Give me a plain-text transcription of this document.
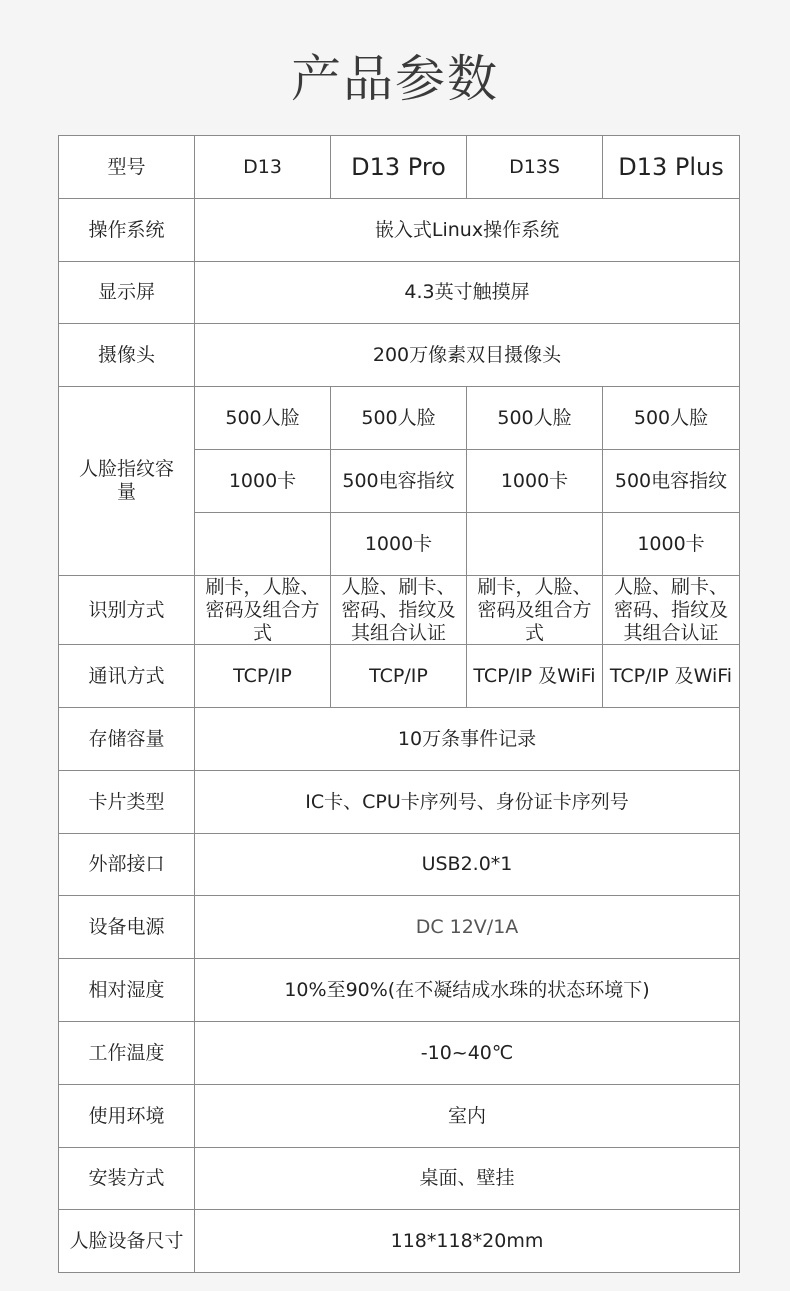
产品参数
型号	D13	D13 Pro	D13S	D13 Plus
操作系统	嵌入式Linux操作系统			
显示屏	4.3英寸触摸屏			
摄像头	200万像素双目摄像头			

人脸指纹容量	500人脸	500人脸	500人脸	500人脸
	1000卡	500电容指纹	1000卡	500电容指纹
		1000卡		1000卡
识别方式	刷卡，人脸、密码及组合方式	人脸、刷卡、密码、指纹及其组合认证	刷卡，人脸、密码及组合方式	人脸、刷卡、密码、指纹及其组合认证
通讯方式	TCP/IP	TCP/IP	TCP/IP 及WiFi	TCP/IP 及WiFi
存储容量	10万条事件记录			
卡片类型	IC卡、CPU卡序列号、身份证卡序列号			
外部接口	USB2.0*1			
设备电源	DC 12V/1A			
相对湿度	10%至90%(在不凝结成水珠的状态环境下)			
工作温度	-10~40℃			
使用环境	室内			
安装方式	桌面、壁挂			
人脸设备尺寸	118*118*20mm			
